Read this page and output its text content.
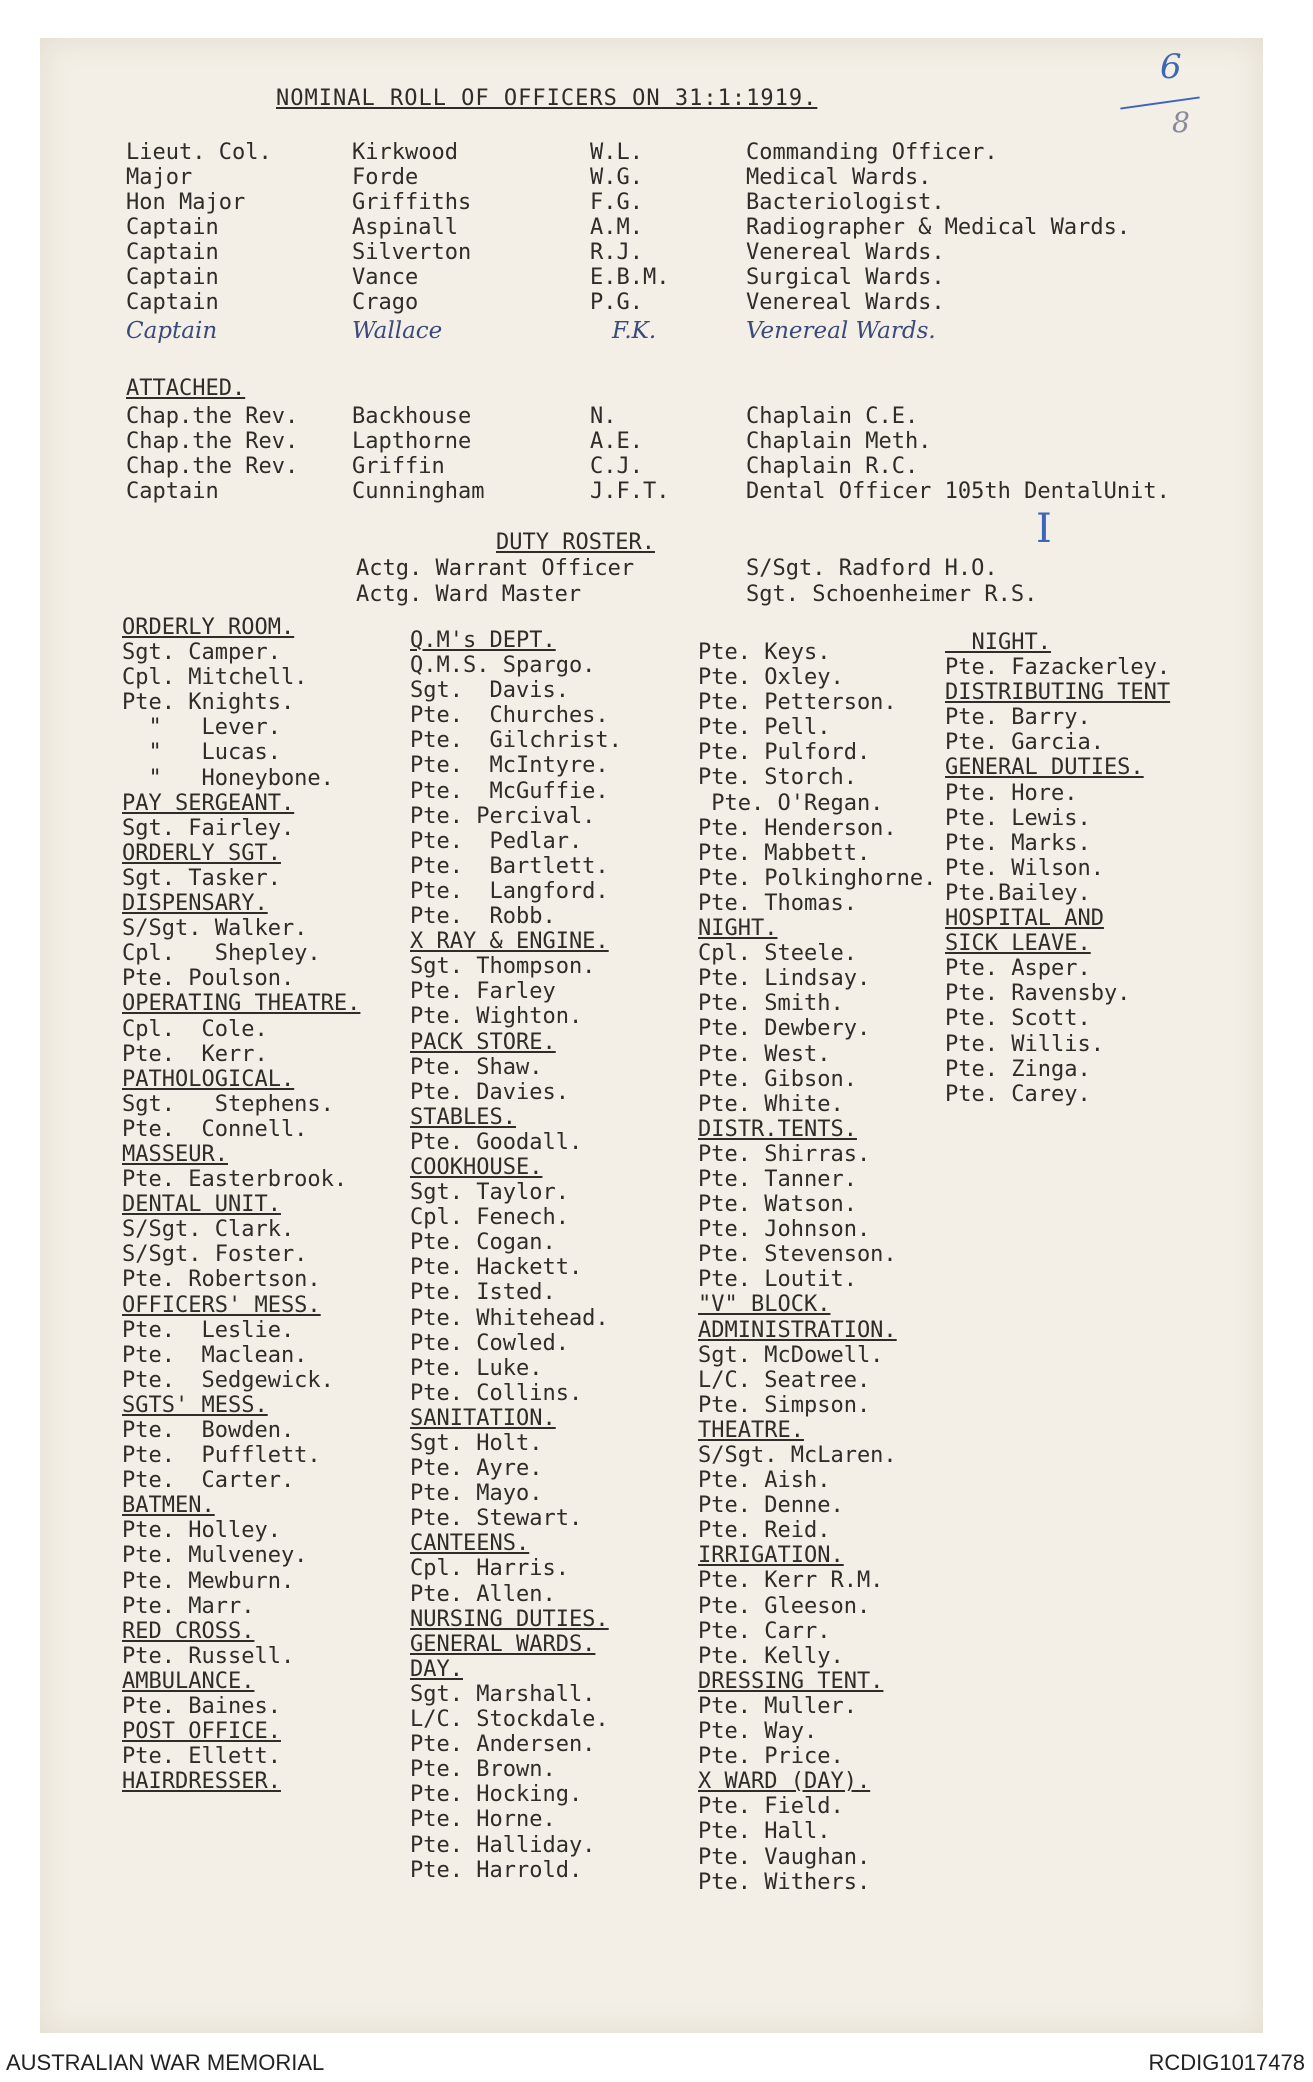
NOMINAL ROLL OF OFFICERS ON 31:1:1919.
6
8
Lieut. Col.	Kirkwood	W.L.	Commanding Officer.
Major	Forde	W.G.	Medical Wards.
Hon Major	Griffiths	F.G.	Bacteriologist.
Captain	Aspinall	A.M.	Radiographer & Medical Wards.
Captain	Silverton	R.J.	Venereal Wards.
Captain	Vance	E.B.M.	Surgical Wards.
Captain	Crago	P.G.	Venereal Wards.
Captain	Wallace	F.K.	Venereal Wards.
ATTACHED.
Chap.the Rev. Backhouse	N.	Chaplain C.E.
Chap.the Rev. Lapthorne	A.E.	Chaplain Meth.
Chap.the Rev. Griffin	C.J.	Chaplain R.C.
Captain	Cunningham	J.F.T.	Dental Officer 105th DentalUnit.
DUTY ROSTER.	I
Actg. Warrant Officer	S/Sgt. Radford H.O.
Actg. Ward Master	Sgt. Schoenheimer R.S.
ORDERLY ROOM.
Sgt. Camper.
Cpl. Mitchell.
Pte. Knights.
"   Lever.
"   Lucas.
"   Honeybone.
PAY SERGEANT.
Sgt. Fairley.
ORDERLY SGT.
Sgt. Tasker.
DISPENSARY.
S/Sgt. Walker.
Cpl.   Shepley.
Pte. Poulson.
OPERATING THEATRE.
Cpl.  Cole.
Pte.  Kerr.
PATHOLOGICAL.
Sgt.   Stephens.
Pte.  Connell.
MASSEUR.
Pte. Easterbrook.
DENTAL UNIT.
S/Sgt. Clark.
S/Sgt. Foster.
Pte. Robertson.
OFFICERS' MESS.
Pte.  Leslie.
Pte.  Maclean.
Pte.  Sedgewick.
SGTS' MESS.
Pte.  Bowden.
Pte.  Pufflett.
Pte.  Carter.
BATMEN.
Pte. Holley.
Pte. Mulveney.
Pte. Mewburn.
Pte. Marr.
RED CROSS.
Pte. Russell.
AMBULANCE.
Pte. Baines.
POST OFFICE.
Pte. Ellett.
HAIRDRESSER.
Q.M's DEPT.
Q.M.S. Spargo.
Sgt.  Davis.
Pte.  Churches.
Pte.  Gilchrist.
Pte.  McIntyre.
Pte.  McGuffie.
Pte. Percival.
Pte.  Pedlar.
Pte.  Bartlett.
Pte.  Langford.
Pte.  Robb.
X RAY & ENGINE.
Sgt. Thompson.
Pte. Farley
Pte. Wighton.
PACK STORE.
Pte. Shaw.
Pte. Davies.
STABLES.
Pte. Goodall.
COOKHOUSE.
Sgt. Taylor.
Cpl. Fenech.
Pte. Cogan.
Pte. Hackett.
Pte. Isted.
Pte. Whitehead.
Pte. Cowled.
Pte. Luke.
Pte. Collins.
SANITATION.
Sgt. Holt.
Pte. Ayre.
Pte. Mayo.
Pte. Stewart.
CANTEENS.
Cpl. Harris.
Pte. Allen.
NURSING DUTIES.
GENERAL WARDS.
DAY.
Sgt. Marshall.
L/C. Stockdale.
Pte. Andersen.
Pte. Brown.
Pte. Hocking.
Pte. Horne.
Pte. Halliday.
Pte. Harrold.
Pte. Keys.
Pte. Oxley.
Pte. Petterson.
Pte. Pell.
Pte. Pulford.
Pte. Storch.
Pte. O'Regan.
Pte. Henderson.
Pte. Mabbett.
Pte. Polkinghorne.
Pte. Thomas.
NIGHT.
Cpl. Steele.
Pte. Lindsay.
Pte. Smith.
Pte. Dewbery.
Pte. West.
Pte. Gibson.
Pte. White.
DISTR.TENTS.
Pte. Shirras.
Pte. Tanner.
Pte. Watson.
Pte. Johnson.
Pte. Stevenson.
Pte. Loutit.
"V" BLOCK.
ADMINISTRATION.
Sgt. McDowell.
L/C. Seatree.
Pte. Simpson.
THEATRE.
S/Sgt. McLaren.
Pte. Aish.
Pte. Denne.
Pte. Reid.
IRRIGATION.
Pte. Kerr R.M.
Pte. Gleeson.
Pte. Carr.
Pte. Kelly.
DRESSING TENT.
Pte. Muller.
Pte. Way.
Pte. Price.
X WARD (DAY).
Pte. Field.
Pte. Hall.
Pte. Vaughan.
Pte. Withers.
NIGHT.
Pte. Fazackerley.
DISTRIBUTING TENT
Pte. Barry.
Pte. Garcia.
GENERAL DUTIES.
Pte. Hore.
Pte. Lewis.
Pte. Marks.
Pte. Wilson.
Pte.Bailey.
HOSPITAL AND
SICK LEAVE.
Pte. Asper.
Pte. Ravensby.
Pte. Scott.
Pte. Willis.
Pte. Zinga.
Pte. Carey.
AUSTRALIAN WAR MEMORIAL	RCDIG1017478
